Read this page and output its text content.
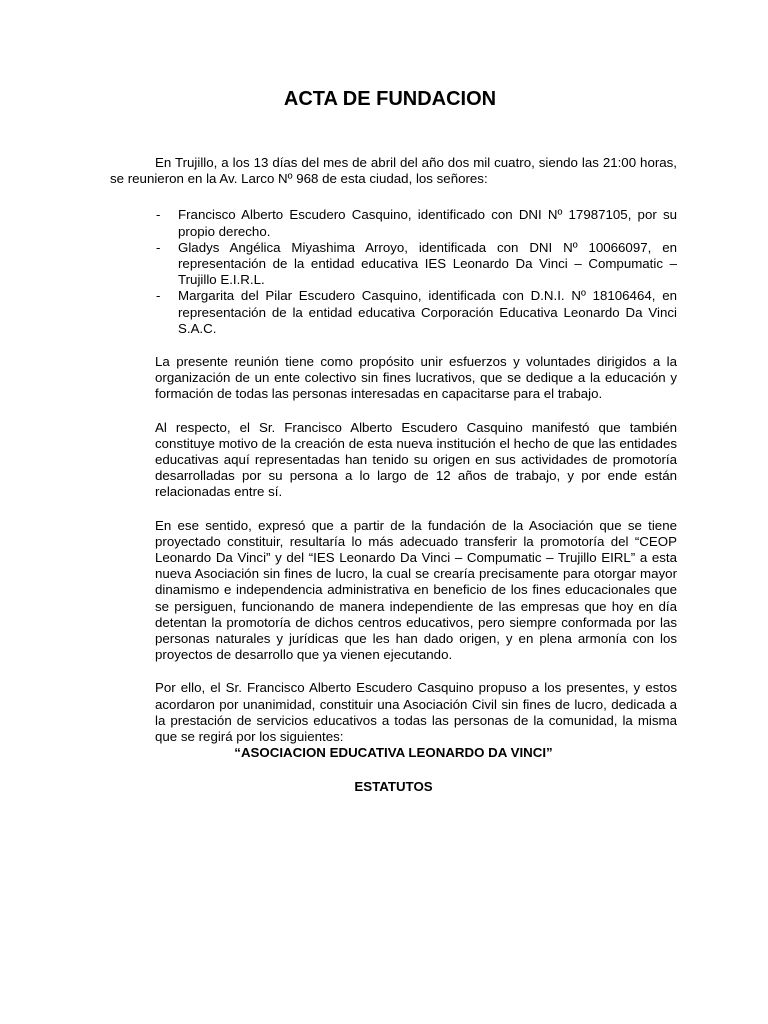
ACTA DE FUNDACION

En Trujillo, a los 13 días del mes de abril del año dos mil cuatro, siendo las 21:00 horas, se reunieron en la Av. Larco Nº 968 de esta ciudad, los señores:

- Francisco Alberto Escudero Casquino, identificado con DNI Nº 17987105, por su propio derecho.
- Gladys Angélica Miyashima Arroyo, identificada con DNI Nº 10066097, en representación de la entidad educativa IES Leonardo Da Vinci – Compumatic –Trujillo E.I.R.L.
- Margarita del Pilar Escudero Casquino, identificada con D.N.I. Nº 18106464, en representación de la entidad educativa Corporación Educativa Leonardo Da Vinci S.A.C.

La presente reunión tiene como propósito unir esfuerzos y voluntades dirigidos a la organización de un ente colectivo sin fines lucrativos, que se dedique a la educación y formación de todas las personas interesadas en capacitarse para el trabajo.

Al respecto, el Sr. Francisco Alberto Escudero Casquino manifestó que también constituye motivo de la creación de esta nueva institución el hecho de que las entidades educativas aquí representadas han tenido su origen en sus actividades de promotoría desarrolladas por su persona a lo largo de 12 años de trabajo, y por ende están relacionadas entre sí.

En ese sentido, expresó que a partir de la fundación de la Asociación que se tiene proyectado constituir, resultaría lo más adecuado transferir la promotoría del “CEOP Leonardo Da Vinci” y del “IES Leonardo Da Vinci – Compumatic – Trujillo EIRL” a esta nueva Asociación sin fines de lucro, la cual se crearía precisamente para otorgar mayor dinamismo e independencia administrativa en beneficio de los fines educacionales que se persiguen, funcionando de manera independiente de las empresas que hoy en día detentan la promotoría de dichos centros educativos, pero siempre conformada por las personas naturales y jurídicas que les han dado origen, y en plena armonía con los proyectos de desarrollo que ya vienen ejecutando.

Por ello, el Sr. Francisco Alberto Escudero Casquino propuso a los presentes, y estos acordaron por unanimidad, constituir una Asociación Civil sin fines de lucro, dedicada a la prestación de servicios educativos a todas las personas de la comunidad, la misma que se regirá por los siguientes:

“ASOCIACION EDUCATIVA LEONARDO DA VINCI”

ESTATUTOS
